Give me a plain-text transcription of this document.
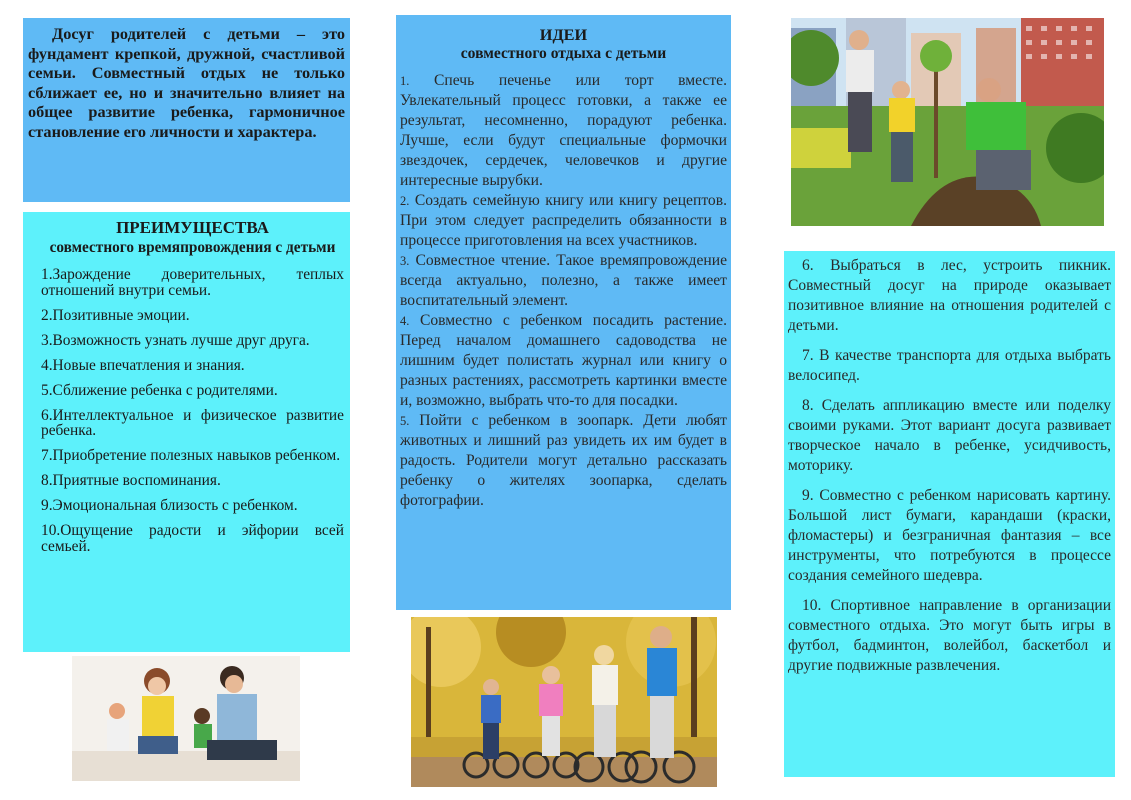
Досуг родителей с детьми – это фундамент крепкой, дружной, счастливой семьи. Совместный отдых не только сближает ее, но и значительно влияет на общее развитие ребенка, гармоничное становление его личности и характера.
ПРЕИМУЩЕСТВА
совместного времяпровождения с детьми
1.Зарождение доверительных, теплых отношений внутри семьи.
2.Позитивные эмоции.
3.Возможность узнать лучше друг друга.
4.Новые впечатления и знания.
5.Сближение ребенка с родителями.
6.Интеллектуальное и физическое развитие ребенка.
7.Приобретение полезных навыков ребенком.
8.Приятные воспоминания.
9.Эмоциональная близость с ребенком.
10.Ощущение радости и эйфории всей семьей.
ИДЕИ
совместного отдыха с детьми

1. Спечь печенье или торт вместе. Увлекательный процесс готовки, а также ее результат, несомненно, порадуют ребенка. Лучше, если будут специальные формочки звездочек, сердечек, человечков и другие интересные вырубки.

2. Создать семейную книгу или книгу рецептов. При этом следует распределить обязанности в процессе приготовления на всех участников.

3. Совместное чтение. Такое времяпровождение всегда актуально, полезно, а также имеет воспитательный элемент.

4. Совместно с ребенком посадить растение. Перед началом домашнего садоводства не лишним будет полистать журнал или книгу о разных растениях, рассмотреть картинки вместе и, возможно, выбрать что-то для посадки.

5. Пойти с ребенком в зоопарк. Дети любят животных и лишний раз увидеть их им будет в радость. Родители могут детально рассказать ребенку о жителях зоопарка, сделать фотографии.

6. Выбраться в лес, устроить пикник. Совместный досуг на природе оказывает позитивное влияние на отношения родителей с детьми.

7. В качестве транспорта для отдыха выбрать велосипед.

8. Сделать аппликацию вместе или поделку своими руками. Этот вариант досуга развивает творческое начало в ребенке, усидчивость, моторику.

9. Совместно с ребенком нарисовать картину. Большой лист бумаги, карандаши (краски, фломастеры) и безграничная фантазия – все инструменты, что потребуются в процессе создания семейного шедевра.

10. Спортивное направление в организации совместного отдыха. Это могут быть игры в футбол, бадминтон, волейбол, баскетбол и другие подвижные развлечения.
